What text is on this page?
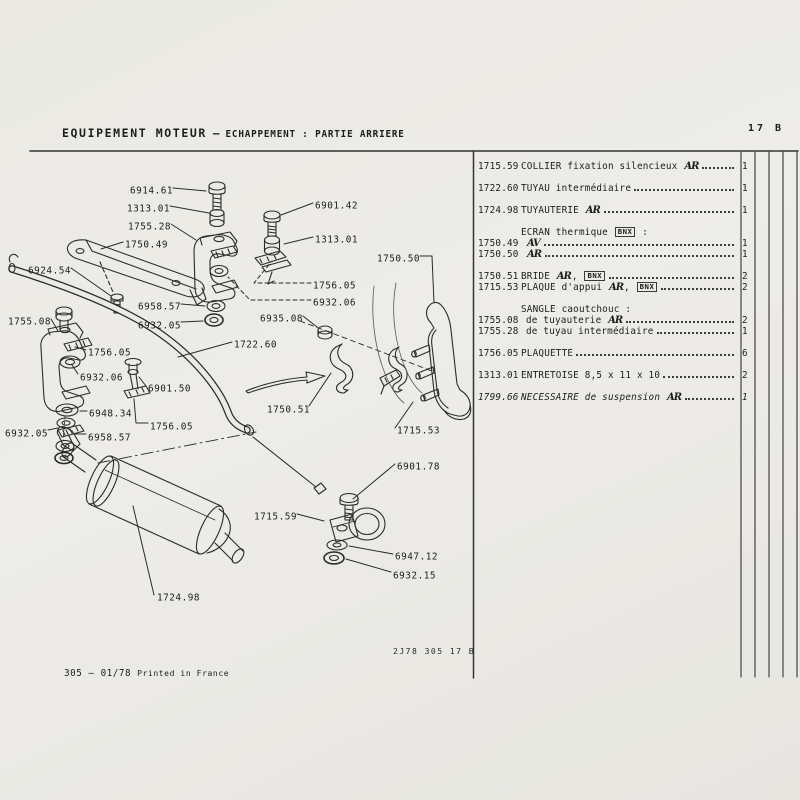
EQUIPEMENT MOTEUR — ECHAPPEMENT : PARTIE ARRIERE
17 B
6914.61
1313.01
1755.28
1750.49
6901.42
1313.01
1756.05
6932.06
6958.57
6924.54
6932.05
1755.08
1756.05
6932.06
6901.50
6948.34
1756.05
6932.05	6958.57
1722.60
1750.50
6935.08
1750.51
1715.53
6901.78
1715.59
6947.12
6932.15
1724.98
2J78 305 17 B
1715.59 COLLIER fixation silencieux AR	1
1722.60 TUYAU intermédiaire	1
1724.98 TUYAUTERIE AR	1
ECRAN thermique BNX :
1750.49 AV	1
1750.50 AR	1
1750.51 BRIDE AR, BNX	2
1715.53 PLAQUE d'appui AR, BNX	2
SANGLE caoutchouc :
1755.08 de tuyauterie AR	2
1755.28 de tuyau intermédiaire	1
1756.05 PLAQUETTE	6
1313.01 ENTRETOISE 8,5 x 11 x 10	2
1799.66 NECESSAIRE de suspension AR	1
305 – 01/78 Printed in France
